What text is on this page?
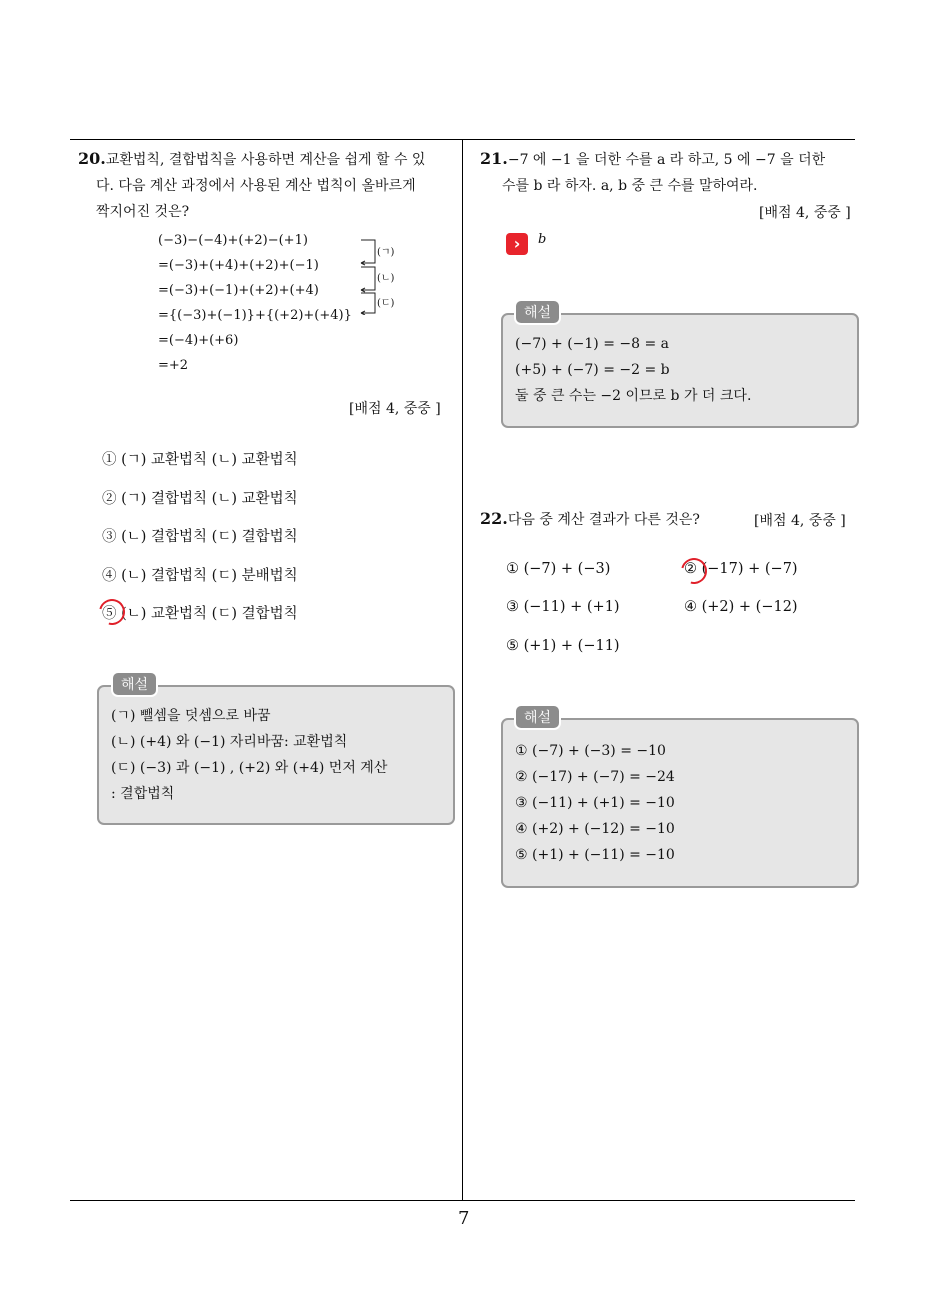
20.교환법칙, 결합법칙을 사용하면 계산을 쉽게 할 수 있
다. 다음 계산 과정에서 사용된 계산 법칙이 올바르게
짝지어진 것은?
(−3)−(−4)+(+2)−(+1)
=(−3)+(+4)+(+2)+(−1)
=(−3)+(−1)+(+2)+(+4)
={(−3)+(−1)}+{(+2)+(+4)}
=(−4)+(+6)
=+2
(ㄱ)
(ㄴ)
(ㄷ)
[배점 4, 중중 ]
① (ㄱ) 교환법칙 (ㄴ) 교환법칙
② (ㄱ) 결합법칙 (ㄴ) 교환법칙
③ (ㄴ) 결합법칙 (ㄷ) 결합법칙
④ (ㄴ) 결합법칙 (ㄷ) 분배법칙
⑤ (ㄴ) 교환법칙 (ㄷ) 결합법칙
(ㄱ) 뺄셈을 덧셈으로 바꿈
(ㄴ) (+4) 와 (−1) 자리바꿈: 교환법칙
(ㄷ) (−3) 과 (−1) , (+2) 와 (+4) 먼저 계산
: 결합법칙
해설
21.−7 에 −1 을 더한 수를 a 라 하고, 5 에 −7 을 더한
수를 b 라 하자. a, b 중 큰 수를 말하여라.
[배점 4, 중중 ]
›	b
(−7) + (−1) = −8 = a
(+5) + (−7) = −2 = b
둘 중 큰 수는 −2 이므로 b 가 더 크다.
해설
22.다음 중 계산 결과가 다른 것은?	[배점 4, 중중 ]
① (−7) + (−3)	② (−17) + (−7)
③ (−11) + (+1)	④ (+2) + (−12)
⑤ (+1) + (−11)
① (−7) + (−3) = −10
② (−17) + (−7) = −24
③ (−11) + (+1) = −10
④ (+2) + (−12) = −10
⑤ (+1) + (−11) = −10
해설
7
